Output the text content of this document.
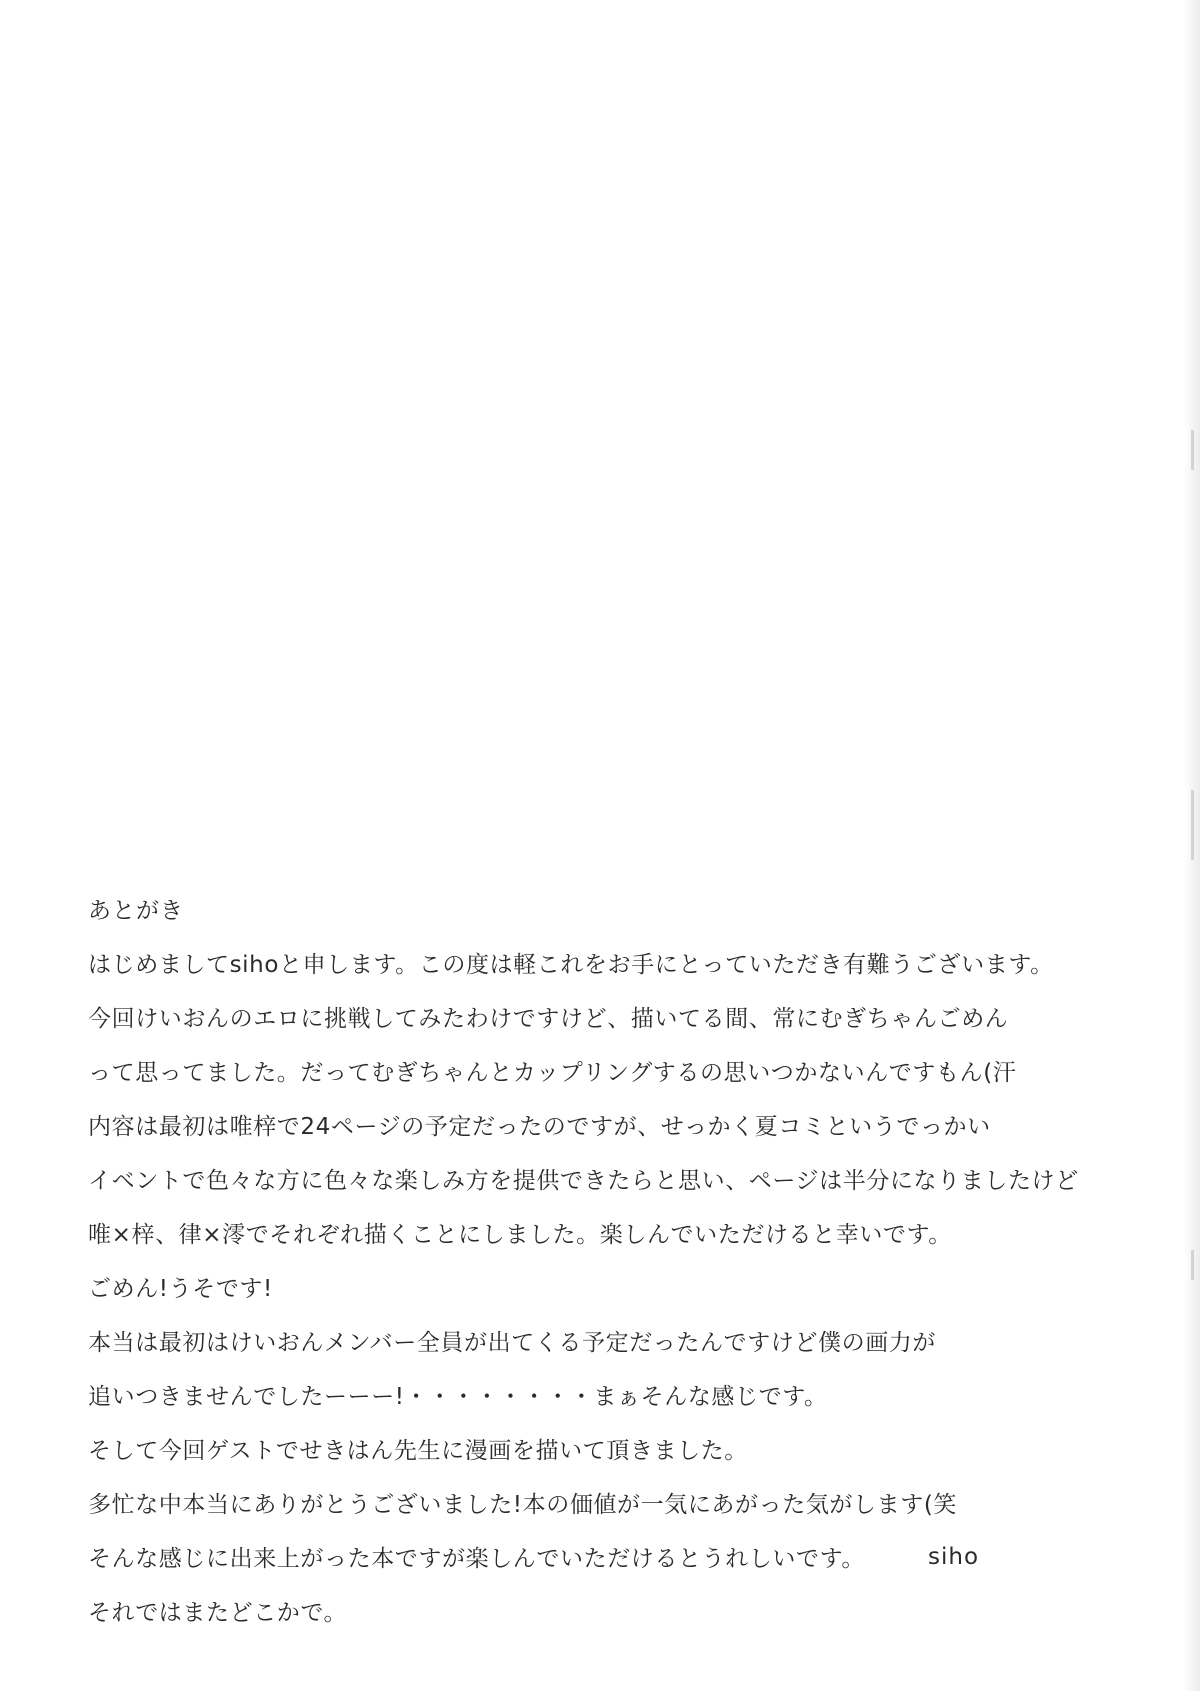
あとがき
はじめましてsihoと申します。この度は軽これをお手にとっていただき有難うございます。
今回けいおんのエロに挑戦してみたわけですけど、描いてる間、常にむぎちゃんごめん
って思ってました。だってむぎちゃんとカップリングするの思いつかないんですもん(汗
内容は最初は唯梓で24ページの予定だったのですが、せっかく夏コミというでっかい
イベントで色々な方に色々な楽しみ方を提供できたらと思い、ページは半分になりましたけど
唯×梓、律×澪でそれぞれ描くことにしました。楽しんでいただけると幸いです。
ごめん!うそです!
本当は最初はけいおんメンバー全員が出てくる予定だったんですけど僕の画力が
追いつきませんでしたーーー!・・・・・・・・まぁそんな感じです。
そして今回ゲストでせきはん先生に漫画を描いて頂きました。
多忙な中本当にありがとうございました!本の価値が一気にあがった気がします(笑
そんな感じに出来上がった本ですが楽しんでいただけるとうれしいです。
それではまたどこかで。
siho
